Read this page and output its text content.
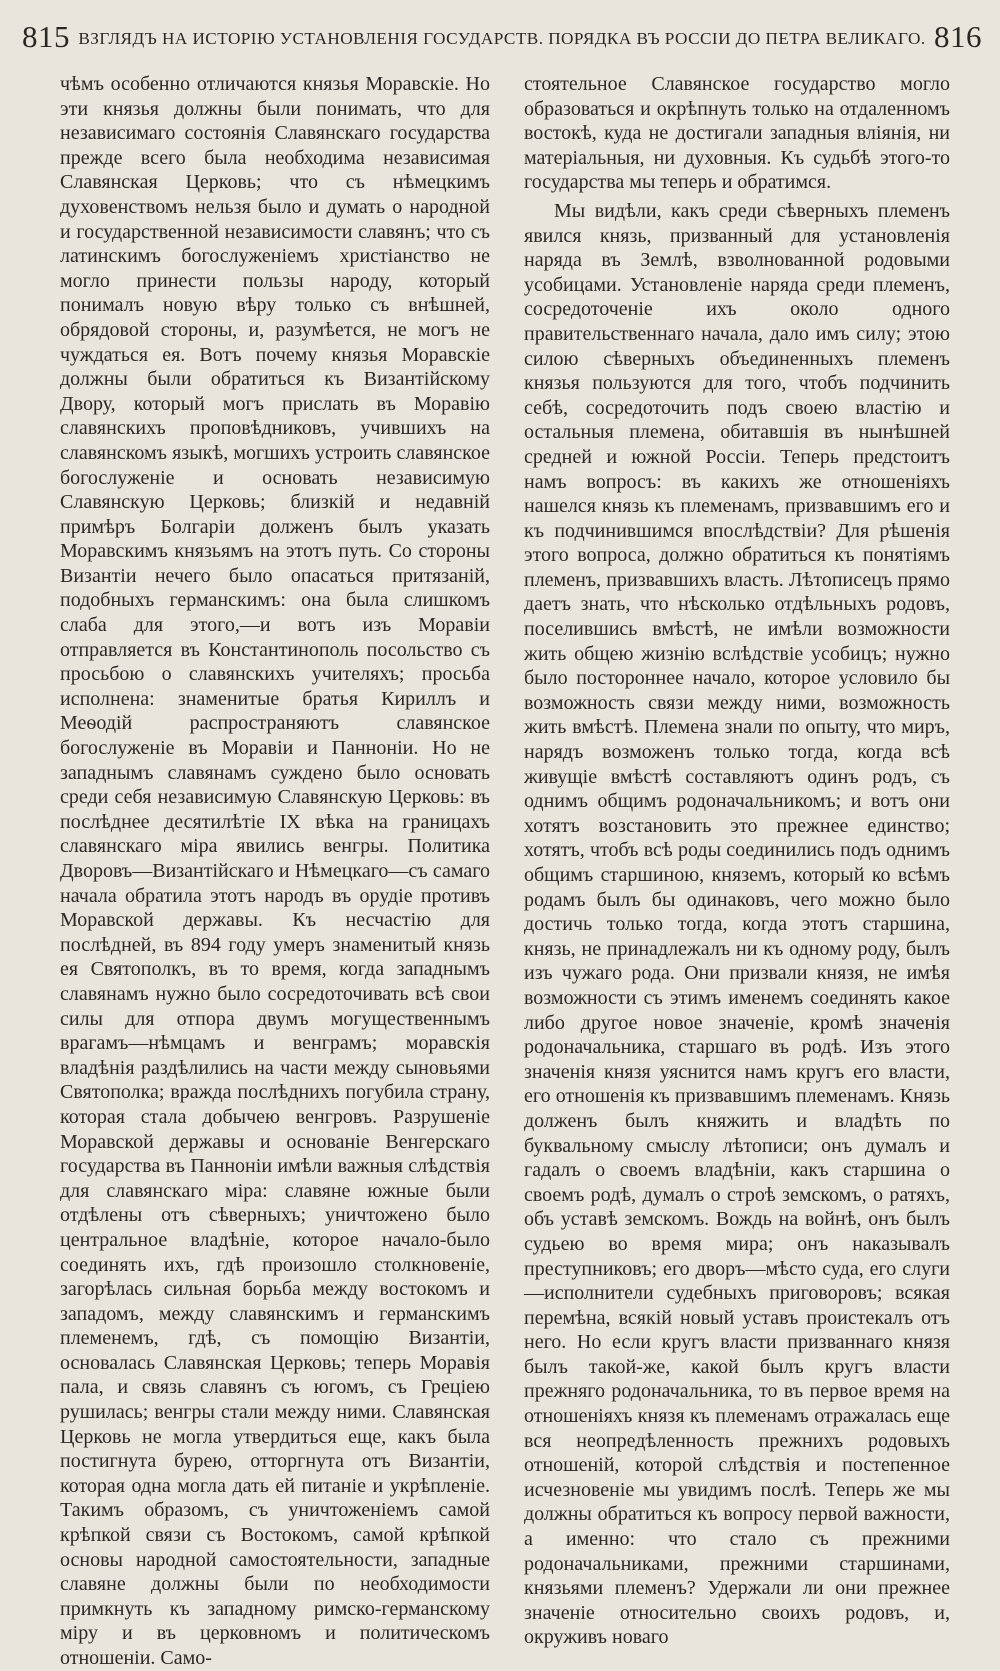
815 ВЗГЛЯДЪ НА ИСТОРІЮ УСТАНОВЛЕНІЯ ГОСУДАРСТВ. ПОРЯДКА ВЪ РОССІИ ДО ПЕТРА ВЕЛИКАГО. 816

чѣмъ особенно отличаются князья Моравскіе. Но эти князья должны были понимать, что для независимаго состоянія Славянскаго государства прежде всего была необходима независимая Славянская Церковь; что съ нѣмецкимъ духовенствомъ нельзя было и думать о народной и государственной независимости славянъ; что съ латинскимъ богослуженіемъ христіанство не могло принести пользы народу, который понималъ новую вѣру только съ внѣшней, обрядовой стороны, и, разумѣется, не могъ не чуждаться ея. Вотъ почему князья Моравскіе должны были обратиться къ Византійскому Двору, который могъ прислать въ Моравію славянскихъ проповѣдниковъ, учившихъ на славянскомъ языкѣ, могшихъ устроить славянское богослуженіе и основать независимую Славянскую Церковь; близкій и недавній примѣръ Болгаріи долженъ былъ указать Моравскимъ князьямъ на этотъ путь. Со стороны Византіи нечего было опасаться притязаній, подобныхъ германскимъ: она была слишкомъ слаба для этого,—и вотъ изъ Моравіи отправляется въ Константинополь посольство съ просьбою о славянскихъ учителяхъ; просьба исполнена: знаменитые братья Кириллъ и Меѳодій распространяютъ славянское богослуженіе въ Моравіи и Панноніи. Но не западнымъ славянамъ суждено было основать среди себя независимую Славянскую Церковь: въ послѣднее десятилѣтіе IX вѣка на границахъ славянскаго міра явились венгры. Политика Дворовъ—Византійскаго и Нѣмецкаго—съ самаго начала обратила этотъ народъ въ орудіе противъ Моравской державы. Къ несчастію для послѣдней, въ 894 году умеръ знаменитый князь ея Святополкъ, въ то время, когда западнымъ славянамъ нужно было сосредоточивать всѣ свои силы для отпора двумъ могущественнымъ врагамъ—нѣмцамъ и венграмъ; моравскія владѣнія раздѣлились на части между сыновьями Святополка; вражда послѣднихъ погубила страну, которая стала добычею венгровъ. Разрушеніе Моравской державы и основаніе Венгерскаго государства въ Панноніи имѣли важныя слѣдствія для славянскаго міра: славяне южные были отдѣлены отъ сѣверныхъ; уничтожено было центральное владѣніе, которое начало-было соединять ихъ, гдѣ произошло столкновеніе, загорѣлась сильная борьба между востокомъ и западомъ, между славянскимъ и германскимъ племенемъ, гдѣ, съ помощію Византіи, основалась Славянская Церковь; теперь Моравія пала, и связь славянъ съ югомъ, съ Греціею рушилась; венгры стали между ними. Славянская Церковь не могла утвердиться еще, какъ была постигнута бурею, отторгнута отъ Византіи, которая одна могла дать ей питаніе и укрѣпленіе. Такимъ образомъ, съ уничтоженіемъ самой крѣпкой связи съ Востокомъ, самой крѣпкой основы народной самостоятельности, западные славяне должны были по необходимости примкнуть къ западному римско-германскому міру и въ церковномъ и политическомъ отношеніи. Само-

стоятельное Славянское государство могло образоваться и окрѣпнуть только на отдаленномъ востокѣ, куда не достигали западныя вліянія, ни матеріальныя, ни духовныя. Къ судьбѣ этого-то государства мы теперь и обратимся.

Мы видѣли, какъ среди сѣверныхъ племенъ явился князь, призванный для установленія наряда въ Землѣ, взволнованной родовыми усобицами. Установленіе наряда среди племенъ, сосредоточеніе ихъ около одного правительственнаго начала, дало имъ силу; этою силою сѣверныхъ объединенныхъ племенъ князья пользуются для того, чтобъ подчинить себѣ, сосредоточить подъ своею властію и остальныя племена, обитавшія въ нынѣшней средней и южной Россіи. Теперь предстоитъ намъ вопросъ: въ какихъ же отношеніяхъ нашелся князь къ племенамъ, призвавшимъ его и къ подчинившимся впослѣдствіи? Для рѣшенія этого вопроса, должно обратиться къ понятіямъ племенъ, призвавшихъ власть. Лѣтописецъ прямо даетъ знать, что нѣсколько отдѣльныхъ родовъ, поселившись вмѣстѣ, не имѣли возможности жить общею жизнію вслѣдствіе усобицъ; нужно было постороннее начало, которое условило бы возможность связи между ними, возможность жить вмѣстѣ. Племена знали по опыту, что миръ, нарядъ возможенъ только тогда, когда всѣ живущіе вмѣстѣ составляютъ одинъ родъ, съ однимъ общимъ родоначальникомъ; и вотъ они хотятъ возстановить это прежнее единство; хотятъ, чтобъ всѣ роды соединились подъ однимъ общимъ старшиною, княземъ, который ко всѣмъ родамъ былъ бы одинаковъ, чего можно было достичь только тогда, когда этотъ старшина, князь, не принадлежалъ ни къ одному роду, былъ изъ чужаго рода. Они призвали князя, не имѣя возможности съ этимъ именемъ соединять какое либо другое новое значеніе, кромѣ значенія родоначальника, старшаго въ родѣ. Изъ этого значенія князя уяснится намъ кругъ его власти, его отношенія къ призвавшимъ племенамъ. Князь долженъ былъ княжить и владѣть по буквальному смыслу лѣтописи; онъ думалъ и гадалъ о своемъ владѣніи, какъ старшина о своемъ родѣ, думалъ о строѣ земскомъ, о ратяхъ, объ уставѣ земскомъ. Вождь на войнѣ, онъ былъ судьею во время мира; онъ наказывалъ преступниковъ; его дворъ—мѣсто суда, его слуги—исполнители судебныхъ приговоровъ; всякая перемѣна, всякій новый уставъ проистекалъ отъ него. Но если кругъ власти призваннаго князя былъ такой-же, какой былъ кругъ власти прежняго родоначальника, то въ первое время на отношеніяхъ князя къ племенамъ отражалась еще вся неопредѣленность прежнихъ родовыхъ отношеній, которой слѣдствія и постепенное исчезновеніе мы увидимъ послѣ. Теперь же мы должны обратиться къ вопросу первой важности, а именно: что стало съ прежними родоначальниками, прежними старшинами, князьями племенъ? Удержали ли они прежнее значеніе относительно своихъ родовъ, и, окруживъ новаго
